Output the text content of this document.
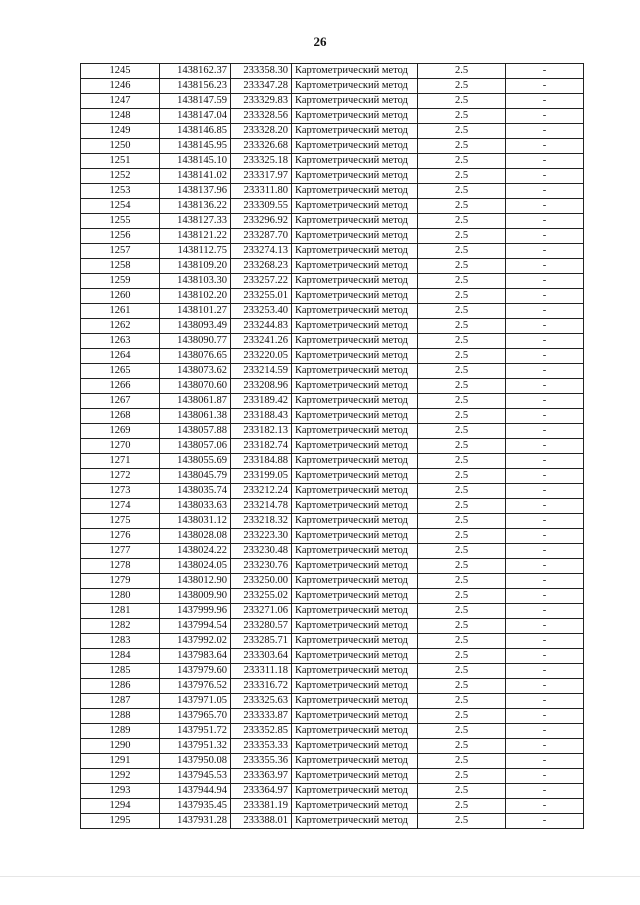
26
1245	1438162.37	233358.30	Картометрический метод	2.5	-
1246	1438156.23	233347.28	Картометрический метод	2.5	-
1247	1438147.59	233329.83	Картометрический метод	2.5	-
1248	1438147.04	233328.56	Картометрический метод	2.5	-
1249	1438146.85	233328.20	Картометрический метод	2.5	-
1250	1438145.95	233326.68	Картометрический метод	2.5	-
1251	1438145.10	233325.18	Картометрический метод	2.5	-
1252	1438141.02	233317.97	Картометрический метод	2.5	-
1253	1438137.96	233311.80	Картометрический метод	2.5	-
1254	1438136.22	233309.55	Картометрический метод	2.5	-
1255	1438127.33	233296.92	Картометрический метод	2.5	-
1256	1438121.22	233287.70	Картометрический метод	2.5	-
1257	1438112.75	233274.13	Картометрический метод	2.5	-
1258	1438109.20	233268.23	Картометрический метод	2.5	-
1259	1438103.30	233257.22	Картометрический метод	2.5	-
1260	1438102.20	233255.01	Картометрический метод	2.5	-
1261	1438101.27	233253.40	Картометрический метод	2.5	-
1262	1438093.49	233244.83	Картометрический метод	2.5	-
1263	1438090.77	233241.26	Картометрический метод	2.5	-
1264	1438076.65	233220.05	Картометрический метод	2.5	-
1265	1438073.62	233214.59	Картометрический метод	2.5	-
1266	1438070.60	233208.96	Картометрический метод	2.5	-
1267	1438061.87	233189.42	Картометрический метод	2.5	-
1268	1438061.38	233188.43	Картометрический метод	2.5	-
1269	1438057.88	233182.13	Картометрический метод	2.5	-
1270	1438057.06	233182.74	Картометрический метод	2.5	-
1271	1438055.69	233184.88	Картометрический метод	2.5	-
1272	1438045.79	233199.05	Картометрический метод	2.5	-
1273	1438035.74	233212.24	Картометрический метод	2.5	-
1274	1438033.63	233214.78	Картометрический метод	2.5	-
1275	1438031.12	233218.32	Картометрический метод	2.5	-
1276	1438028.08	233223.30	Картометрический метод	2.5	-
1277	1438024.22	233230.48	Картометрический метод	2.5	-
1278	1438024.05	233230.76	Картометрический метод	2.5	-
1279	1438012.90	233250.00	Картометрический метод	2.5	-
1280	1438009.90	233255.02	Картометрический метод	2.5	-
1281	1437999.96	233271.06	Картометрический метод	2.5	-
1282	1437994.54	233280.57	Картометрический метод	2.5	-
1283	1437992.02	233285.71	Картометрический метод	2.5	-
1284	1437983.64	233303.64	Картометрический метод	2.5	-
1285	1437979.60	233311.18	Картометрический метод	2.5	-
1286	1437976.52	233316.72	Картометрический метод	2.5	-
1287	1437971.05	233325.63	Картометрический метод	2.5	-
1288	1437965.70	233333.87	Картометрический метод	2.5	-
1289	1437951.72	233352.85	Картометрический метод	2.5	-
1290	1437951.32	233353.33	Картометрический метод	2.5	-
1291	1437950.08	233355.36	Картометрический метод	2.5	-
1292	1437945.53	233363.97	Картометрический метод	2.5	-
1293	1437944.94	233364.97	Картометрический метод	2.5	-
1294	1437935.45	233381.19	Картометрический метод	2.5	-
1295	1437931.28	233388.01	Картометрический метод	2.5	-
